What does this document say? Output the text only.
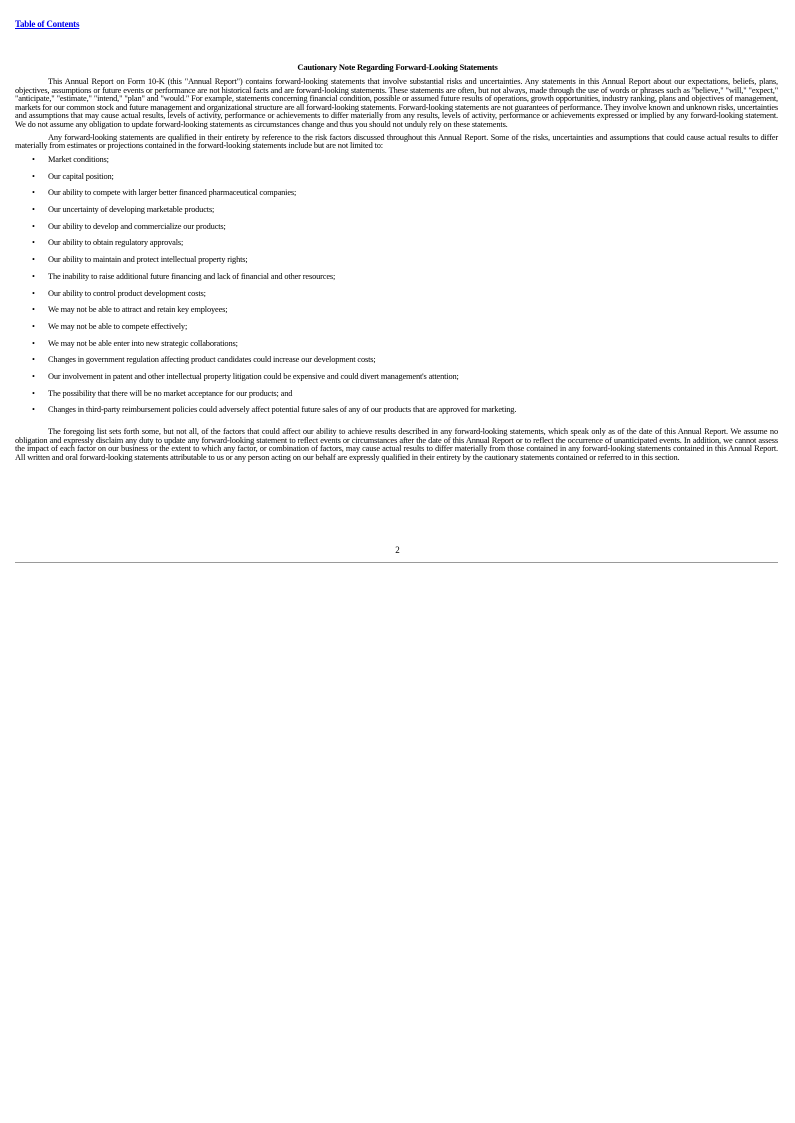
Table of Contents
Cautionary Note Regarding Forward-Looking Statements

This Annual Report on Form 10-K (this "Annual Report") contains forward-looking statements that involve substantial risks and uncertainties. Any statements in this Annual Report about our expectations, beliefs, plans, objectives, assumptions or future events or performance are not historical facts and are forward-looking statements. These statements are often, but not always, made through the use of words or phrases such as "believe," "will," "expect," "anticipate," "estimate," "intend," "plan" and "would." For example, statements concerning financial condition, possible or assumed future results of operations, growth opportunities, industry ranking, plans and objectives of management, markets for our common stock and future management and organizational structure are all forward-looking statements. Forward-looking statements are not guarantees of performance. They involve known and unknown risks, uncertainties and assumptions that may cause actual results, levels of activity, performance or achievements to differ materially from any results, levels of activity, performance or achievements expressed or implied by any forward-looking statement. We do not assume any obligation to update forward-looking statements as circumstances change and thus you should not unduly rely on these statements.

Any forward-looking statements are qualified in their entirety by reference to the risk factors discussed throughout this Annual Report. Some of the risks, uncertainties and assumptions that could cause actual results to differ materially from estimates or projections contained in the forward-looking statements include but are not limited to:

• Market conditions;
• Our capital position;
• Our ability to compete with larger better financed pharmaceutical companies;
• Our uncertainty of developing marketable products;
• Our ability to develop and commercialize our products;
• Our ability to obtain regulatory approvals;
• Our ability to maintain and protect intellectual property rights;
• The inability to raise additional future financing and lack of financial and other resources;
• Our ability to control product development costs;
• We may not be able to attract and retain key employees;
• We may not be able to compete effectively;
• We may not be able enter into new strategic collaborations;
• Changes in government regulation affecting product candidates could increase our development costs;
• Our involvement in patent and other intellectual property litigation could be expensive and could divert management's attention;
• The possibility that there will be no market acceptance for our products; and
• Changes in third-party reimbursement policies could adversely affect potential future sales of any of our products that are approved for marketing.

The foregoing list sets forth some, but not all, of the factors that could affect our ability to achieve results described in any forward-looking statements, which speak only as of the date of this Annual Report. We assume no obligation and expressly disclaim any duty to update any forward-looking statement to reflect events or circumstances after the date of this Annual Report or to reflect the occurrence of unanticipated events. In addition, we cannot assess the impact of each factor on our business or the extent to which any factor, or combination of factors, may cause actual results to differ materially from those contained in any forward-looking statements contained in this Annual Report. All written and oral forward-looking statements attributable to us or any person acting on our behalf are expressly qualified in their entirety by the cautionary statements contained or referred to in this section.

2
